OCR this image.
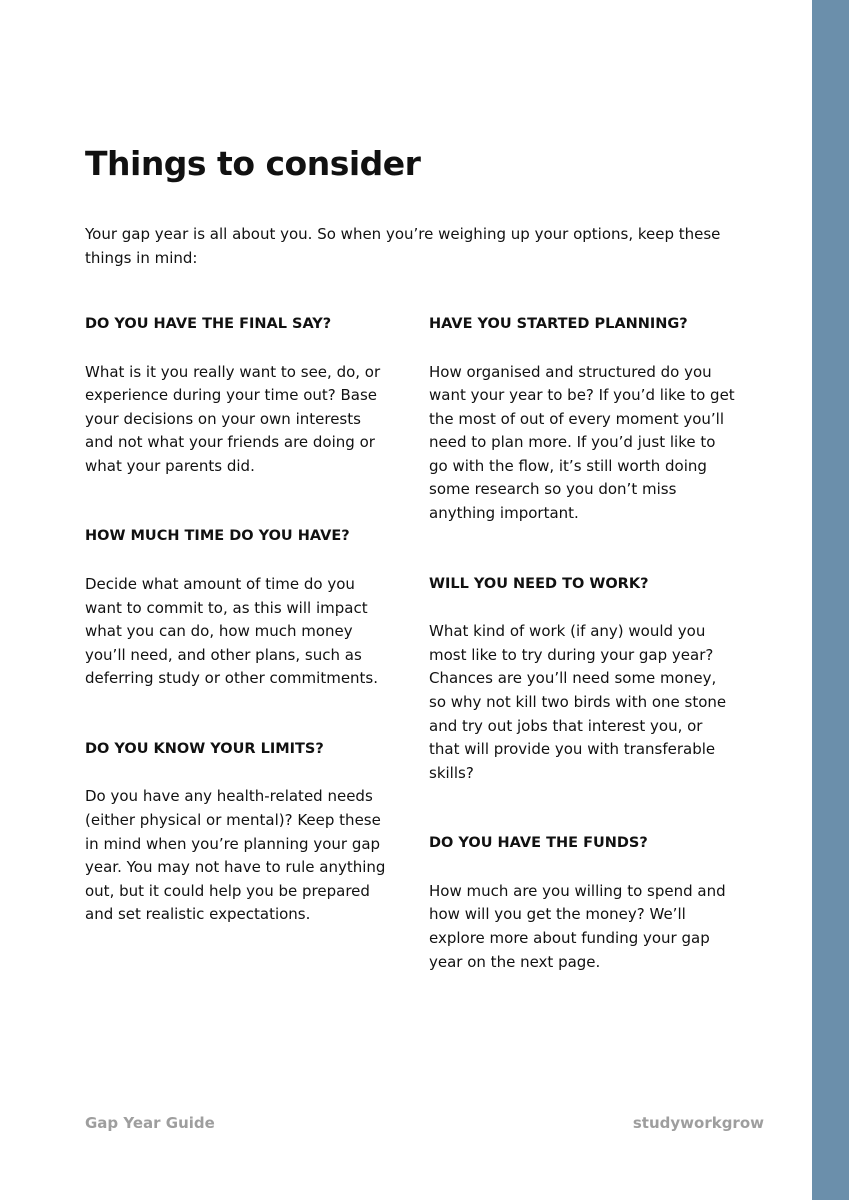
Things to consider

Your gap year is all about you. So when you’re weighing up your options, keep these things in mind:

DO YOU HAVE THE FINAL SAY?

What is it you really want to see, do, or experience during your time out? Base your decisions on your own interests and not what your friends are doing or what your parents did.

HOW MUCH TIME DO YOU HAVE?

Decide what amount of time do you want to commit to, as this will impact what you can do, how much money you’ll need, and other plans, such as deferring study or other commitments.

DO YOU KNOW YOUR LIMITS?

Do you have any health-related needs (either physical or mental)? Keep these in mind when you’re planning your gap year. You may not have to rule anything out, but it could help you be prepared and set realistic expectations.

HAVE YOU STARTED PLANNING?

How organised and structured do you want your year to be? If you’d like to get the most of out of every moment you’ll need to plan more. If you’d just like to go with the flow, it’s still worth doing some research so you don’t miss anything important.

WILL YOU NEED TO WORK?

What kind of work (if any) would you most like to try during your gap year? Chances are you’ll need some money, so why not kill two birds with one stone and try out jobs that interest you, or that will provide you with transferable skills?

DO YOU HAVE THE FUNDS?

How much are you willing to spend and how will you get the money? We’ll explore more about funding your gap year on the next page.

Gap Year Guide	studyworkgrow
